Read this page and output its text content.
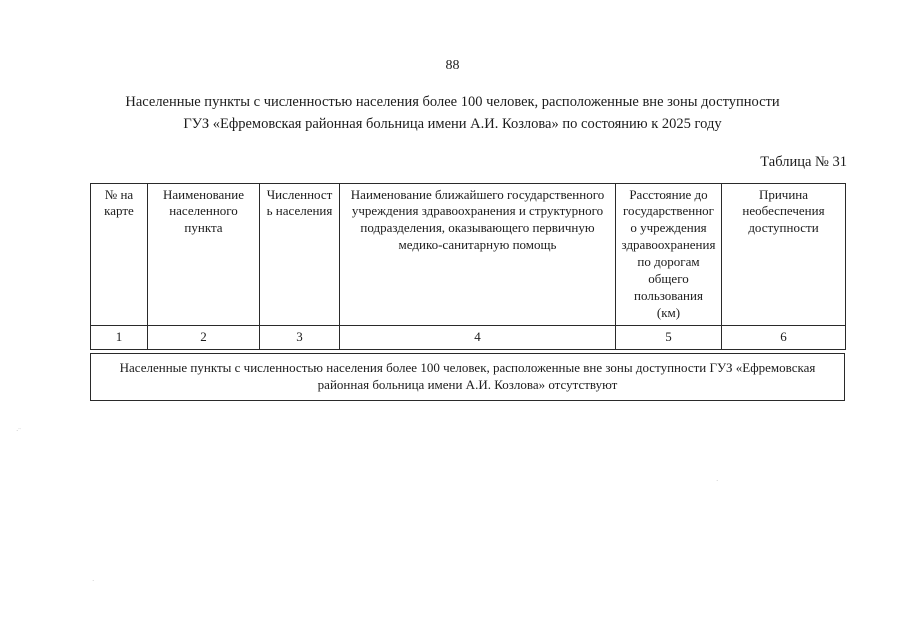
88
Населенные пункты с численностью населения более 100 человек, расположенные вне зоны доступности
ГУЗ «Ефремовская районная больница имени А.И. Козлова» по состоянию к 2025 году
Таблица № 31
№ на карте	Наименование населенного пункта	Численность населения	Наименование ближайшего государственного учреждения здравоохранения и структурного подразделения, оказывающего первичную медико-санитарную помощь	Расстояние до государственного учреждения здравоохранения по дорогам общего пользования (км)	Причина необеспечения доступности
1	2	3	4	5	6
Населенные пункты с численностью населения более 100 человек, расположенные вне зоны доступности ГУЗ «Ефремовская районная больница имени А.И. Козлова» отсутствуют
·¨
·
·
